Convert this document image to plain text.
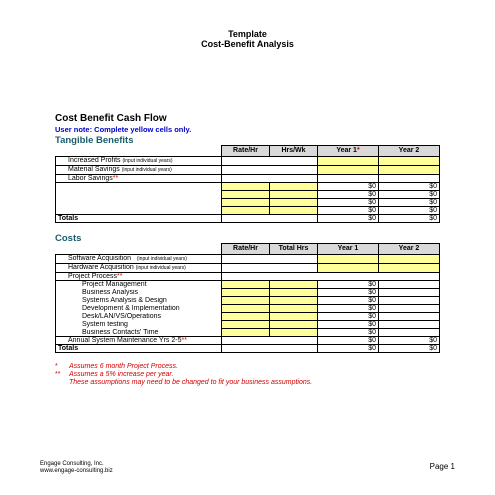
Template
Cost-Benefit Analysis
Cost Benefit Cash Flow
User note: Complete yellow cells only.
Tangible Benefits
	Rate/Hr	Hrs/Wk	Year 1*	Year 2
Increased Profits (input individual years)				
Material Savings (input individual years)				
Labor Savings**				
			$0	$0
			$0	$0
			$0	$0
			$0	$0
Totals			$0	$0
Costs
	Rate/Hr	Total Hrs	Year 1	Year 2
Software Acquisition (input individual years)				
Hardware Acquisition (input individual years)				
Project Process**				
Project Management			$0	
Business Analysis			$0	
Systems Analysis & Design			$0	
Development & Implementation			$0	
Desk/LAN/VS/Operations			$0	
System testing			$0	
Business Contacts' Time			$0	
Annual System Maintenance Yrs 2-5**			$0	$0
Totals			$0	$0
* Assumes 6 month Project Process.
** Assumes a 5% increase per year.
These assumptions may need to be changed to fit your business assumptions.
Engage Consulting, Inc.
www.engage-consulting.biz	Page 1
